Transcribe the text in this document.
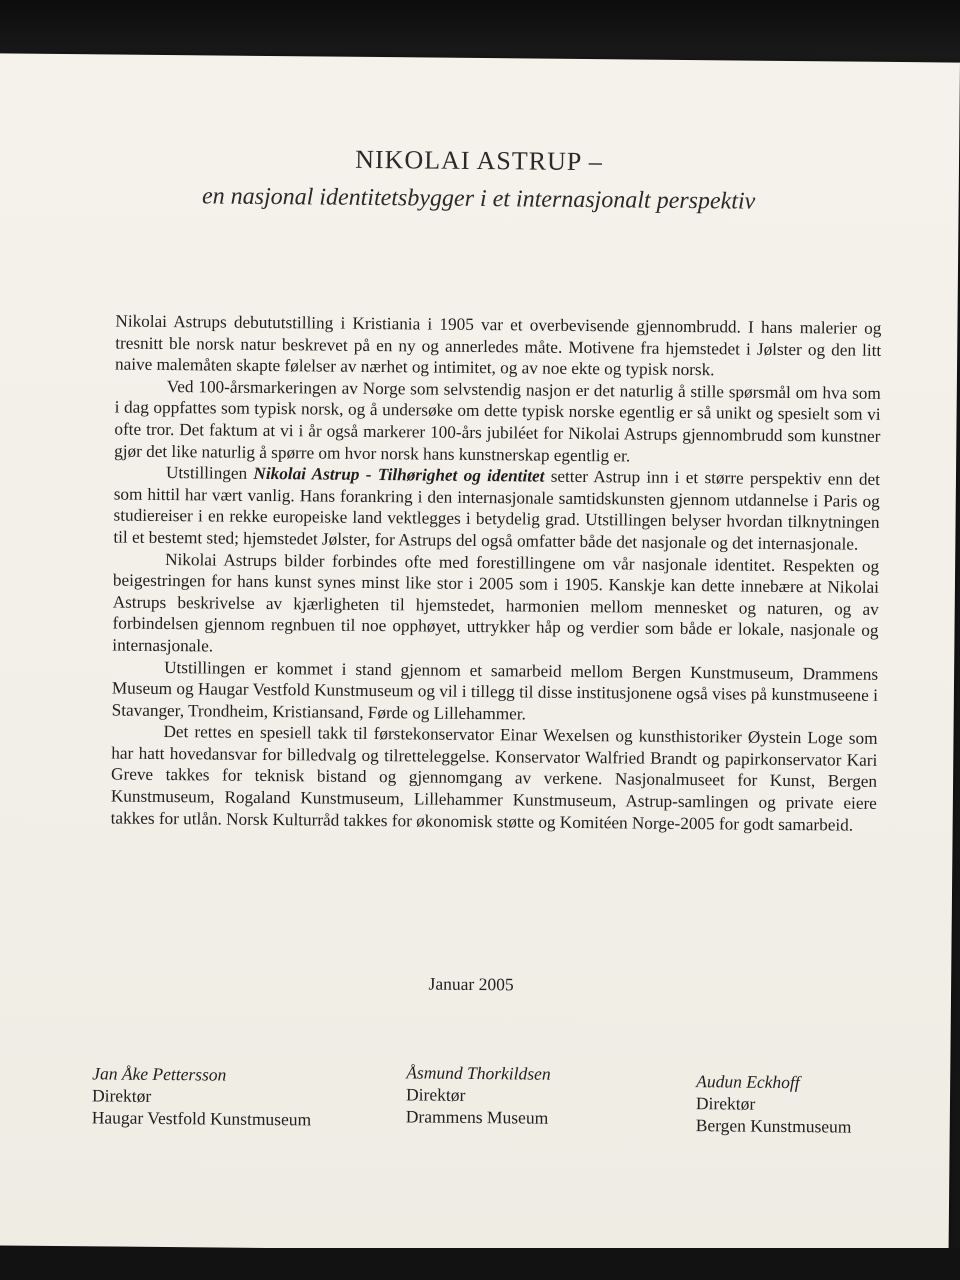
NIKOLAI ASTRUP –
en nasjonal identitetsbygger i et internasjonalt perspektiv

Nikolai Astrups debututstilling i Kristiania i 1905 var et overbevisende gjennombrudd. I hans malerier og tresnitt ble norsk natur beskrevet på en ny og annerledes måte. Motivene fra hjemstedet i Jølster og den litt naive malemåten skapte følelser av nærhet og intimitet, og av noe ekte og typisk norsk.

Ved 100-årsmarkeringen av Norge som selvstendig nasjon er det naturlig å stille spørsmål om hva som i dag oppfattes som typisk norsk, og å undersøke om dette typisk norske egentlig er så unikt og spesielt som vi ofte tror. Det faktum at vi i år også markerer 100-års jubiléet for Nikolai Astrups gjennombrudd som kunstner gjør det like naturlig å spørre om hvor norsk hans kunstnerskap egentlig er.

Utstillingen Nikolai Astrup - Tilhørighet og identitet setter Astrup inn i et større perspektiv enn det som hittil har vært vanlig. Hans forankring i den internasjonale samtidskunsten gjennom utdannelse i Paris og studiereiser i en rekke europeiske land vektlegges i betydelig grad. Utstillingen belyser hvordan tilknytningen til et bestemt sted; hjemstedet Jølster, for Astrups del også omfatter både det nasjonale og det internasjonale.

Nikolai Astrups bilder forbindes ofte med forestillingene om vår nasjonale identitet. Respekten og beigestringen for hans kunst synes minst like stor i 2005 som i 1905. Kanskje kan dette innebære at Nikolai Astrups beskrivelse av kjærligheten til hjemstedet, harmonien mellom mennesket og naturen, og av forbindelsen gjennom regnbuen til noe opphøyet, uttrykker håp og verdier som både er lokale, nasjonale og internasjonale.

Utstillingen er kommet i stand gjennom et samarbeid mellom Bergen Kunstmuseum, Drammens Museum og Haugar Vestfold Kunstmuseum og vil i tillegg til disse institusjonene også vises på kunstmuseene i Stavanger, Trondheim, Kristiansand, Førde og Lillehammer.

Det rettes en spesiell takk til førstekonservator Einar Wexelsen og kunsthistoriker Øystein Loge som har hatt hovedansvar for billedvalg og tilretteleggelse. Konservator Walfried Brandt og papirkonservator Kari Greve takkes for teknisk bistand og gjennomgang av verkene. Nasjonalmuseet for Kunst, Bergen Kunstmuseum, Rogaland Kunstmuseum, Lillehammer Kunstmuseum, Astrup-samlingen og private eiere takkes for utlån. Norsk Kulturråd takkes for økonomisk støtte og Komitéen Norge-2005 for godt samarbeid.

Januar 2005
Jan Åke Pettersson
Direktør
Haugar Vestfold Kunstmuseum
Åsmund Thorkildsen
Direktør
Drammens Museum
Audun Eckhoff
Direktør
Bergen Kunstmuseum
